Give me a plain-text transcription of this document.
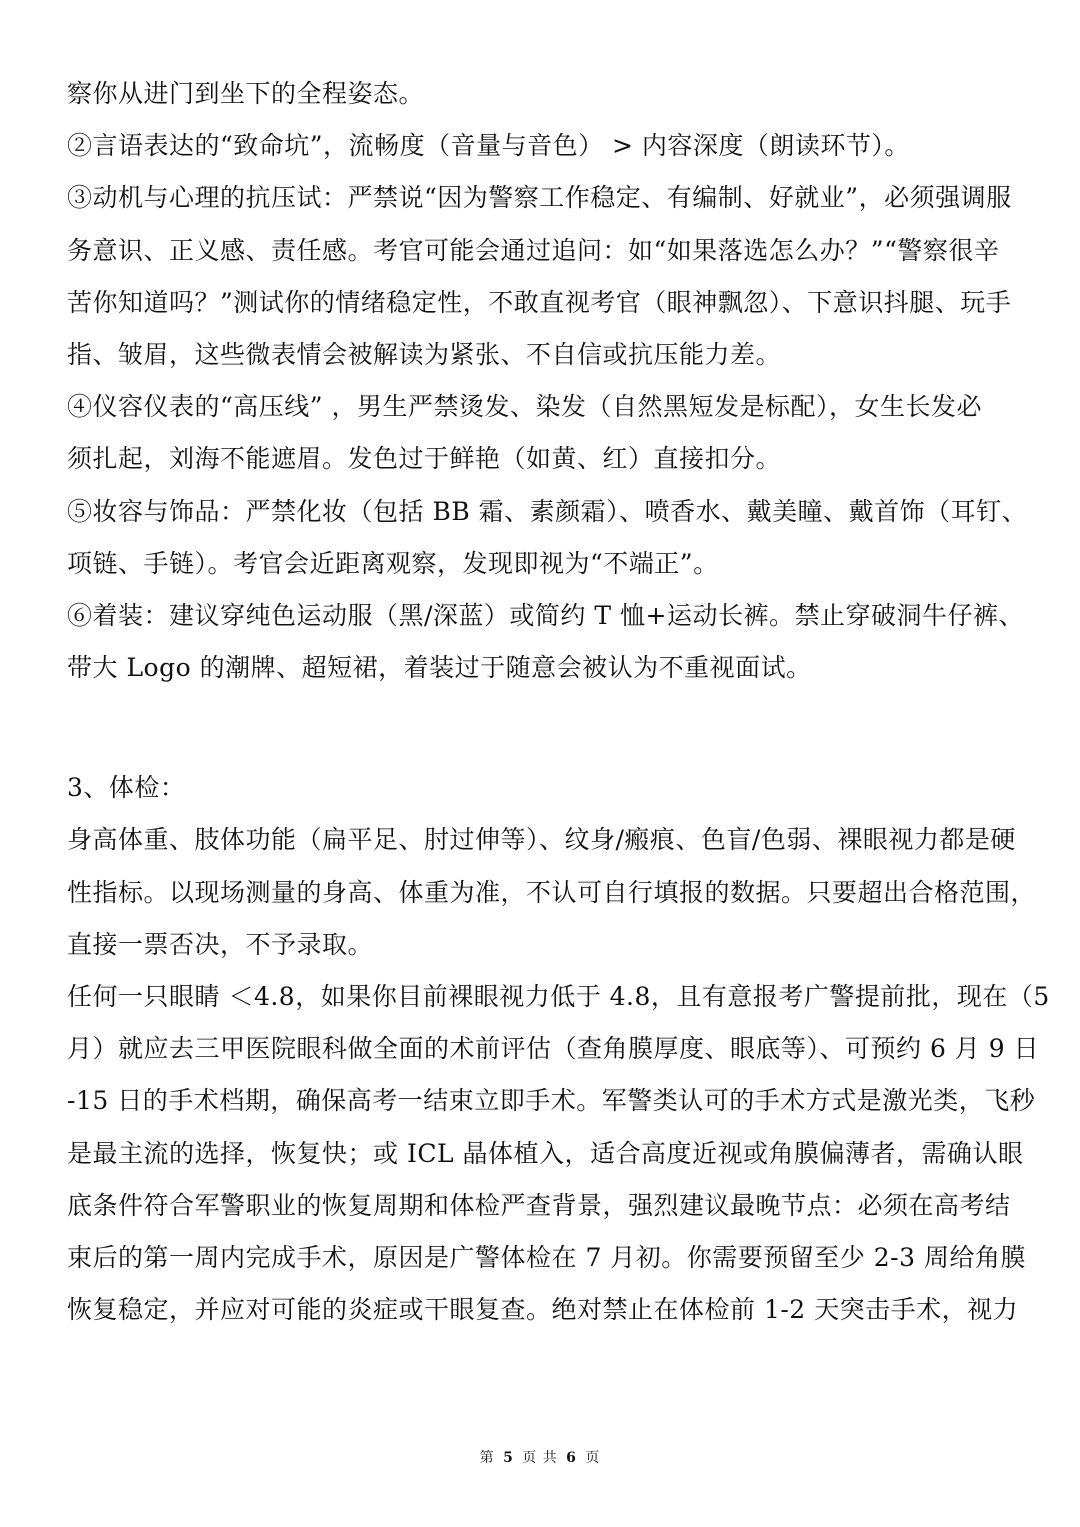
察你从进门到坐下的全程姿态。
②言语表达的“致命坑”，流畅度（音量与音色） > 内容深度（朗读环节）。
③动机与心理的抗压试：严禁说“因为警察工作稳定、有编制、好就业”，必须强调服
务意识、正义感、责任感。考官可能会通过追问：如“如果落选怎么办？”“警察很辛
苦你知道吗？”测试你的情绪稳定性，不敢直视考官（眼神飘忽）、下意识抖腿、玩手
指、皱眉，这些微表情会被解读为紧张、不自信或抗压能力差。
④仪容仪表的“高压线” ，男生严禁烫发、染发（自然黑短发是标配），女生长发必
须扎起，刘海不能遮眉。发色过于鲜艳（如黄、红）直接扣分。
⑤妆容与饰品：严禁化妆（包括 BB 霜、素颜霜）、喷香水、戴美瞳、戴首饰（耳钉、
项链、手链）。考官会近距离观察，发现即视为“不端正”。
⑥着装：建议穿纯色运动服（黑/深蓝）或简约 T 恤+运动长裤。禁止穿破洞牛仔裤、
带大 Logo 的潮牌、超短裙，着装过于随意会被认为不重视面试。
3、体检：
身高体重、肢体功能（扁平足、肘过伸等）、纹身/瘢痕、色盲/色弱、裸眼视力都是硬
性指标。以现场测量的身高、体重为准，不认可自行填报的数据。只要超出合格范围，
直接一票否决，不予录取。
任何一只眼睛 ＜4.8，如果你目前裸眼视力低于 4.8，且有意报考广警提前批，现在（5
月）就应去三甲医院眼科做全面的术前评估（查角膜厚度、眼底等）、可预约 6 月 9 日
-15 日的手术档期，确保高考一结束立即手术。军警类认可的手术方式是激光类，飞秒
是最主流的选择，恢复快；或 ICL 晶体植入，适合高度近视或角膜偏薄者，需确认眼
底条件符合军警职业的恢复周期和体检严查背景，强烈建议最晚节点：必须在高考结
束后的第一周内完成手术，原因是广警体检在 7 月初。你需要预留至少 2-3 周给角膜
恢复稳定，并应对可能的炎症或干眼复查。绝对禁止在体检前 1-2 天突击手术，视力
第 5 页 共 6 页
